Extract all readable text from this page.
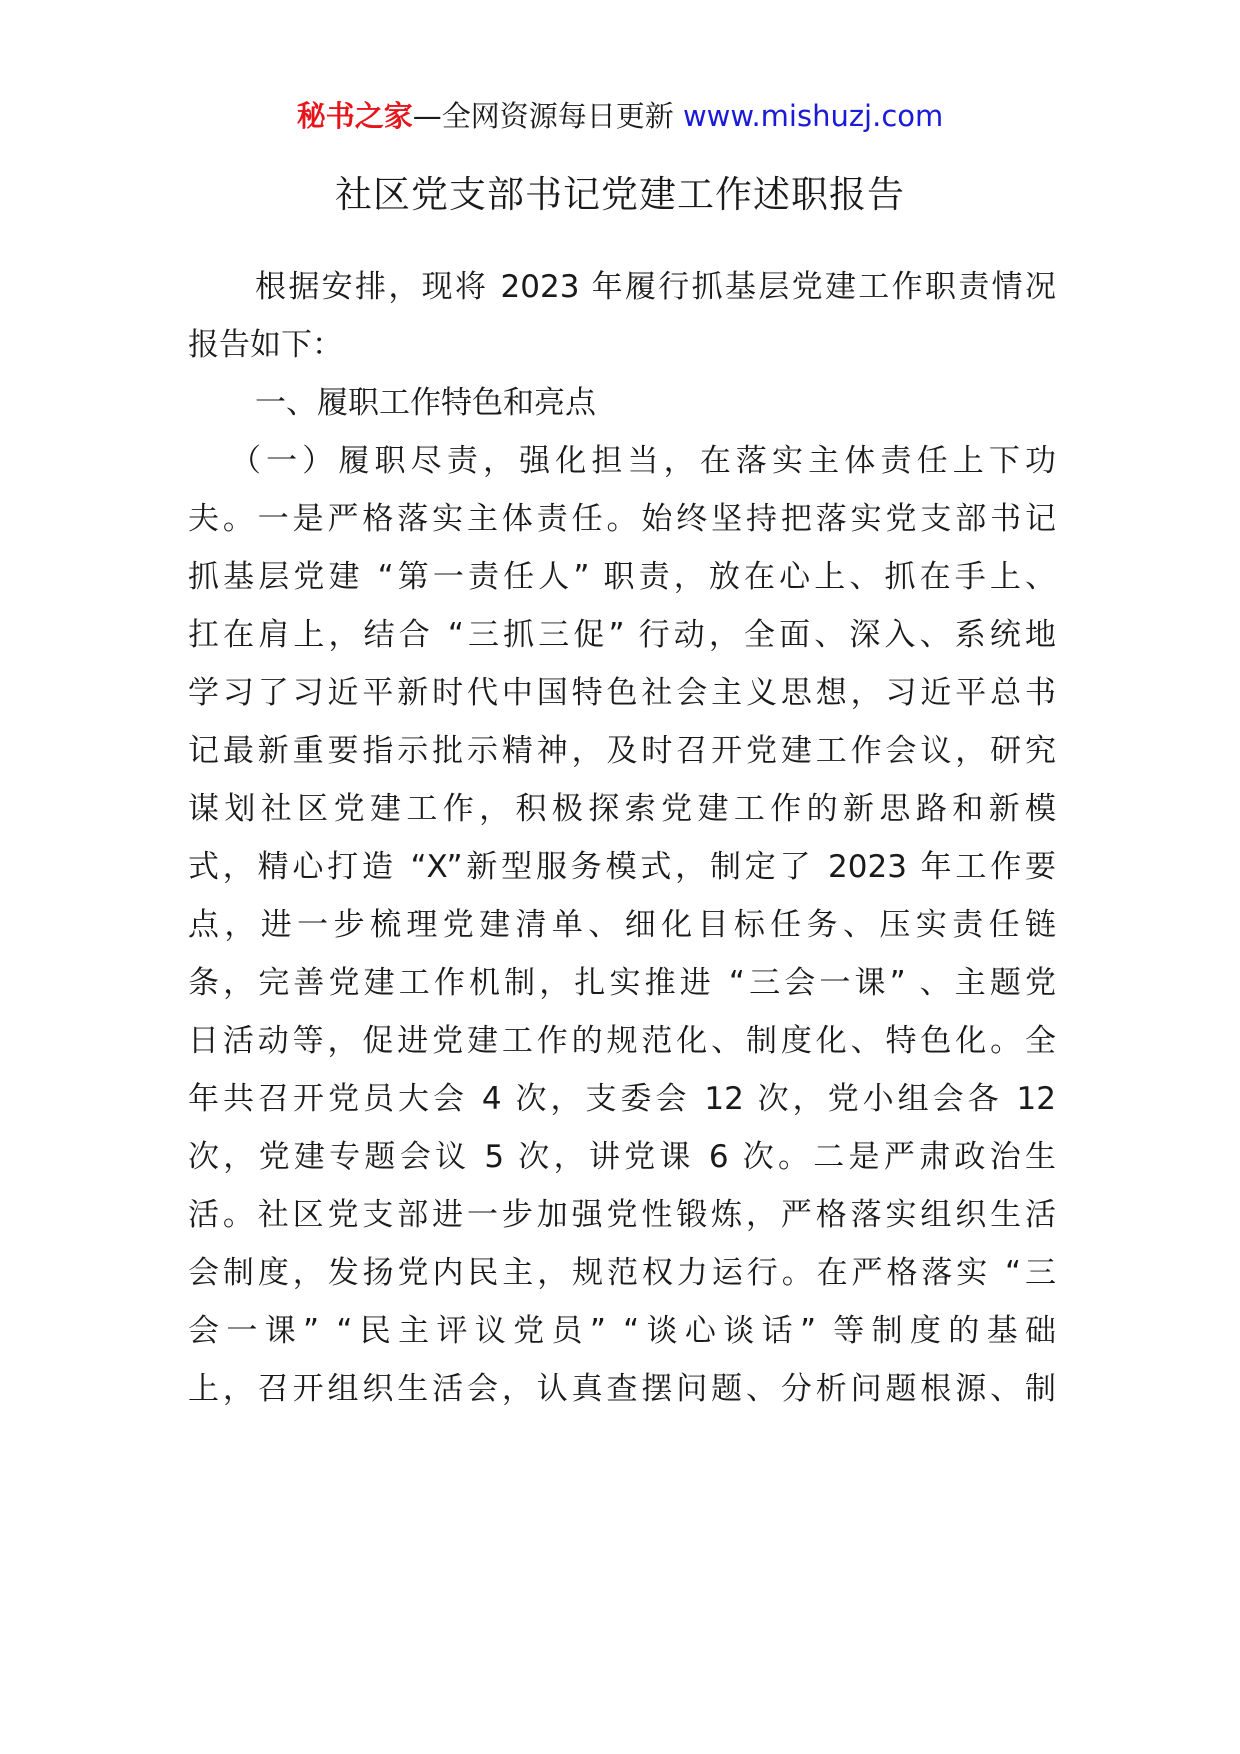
秘书之家—全网资源每日更新 www.mishuzj.com
社区党支部书记党建工作述职报告
根据安排，现将 2023 年履行抓基层党建工作职责情况
报告如下：
一、履职工作特色和亮点
（一）履职尽责，强化担当，在落实主体责任上下功
夫。一是严格落实主体责任。始终坚持把落实党支部书记
抓基层党建 “第一责任人” 职责，放在心上、抓在手上、
扛在肩上，结合 “三抓三促” 行动，全面、深入、系统地
学习了习近平新时代中国特色社会主义思想，习近平总书
记最新重要指示批示精神，及时召开党建工作会议，研究
谋划社区党建工作，积极探索党建工作的新思路和新模
式，精心打造 “X”新型服务模式，制定了 2023 年工作要
点，进一步梳理党建清单、细化目标任务、压实责任链
条，完善党建工作机制，扎实推进 “三会一课” 、主题党
日活动等，促进党建工作的规范化、制度化、特色化。全
年共召开党员大会 4 次，支委会 12 次，党小组会各 12
次，党建专题会议 5 次，讲党课 6 次。二是严肃政治生
活。社区党支部进一步加强党性锻炼，严格落实组织生活
会制度，发扬党内民主，规范权力运行。在严格落实 “三
会一课” “民主评议党员” “谈心谈话” 等制度的基础
上，召开组织生活会，认真查摆问题、分析问题根源、制
